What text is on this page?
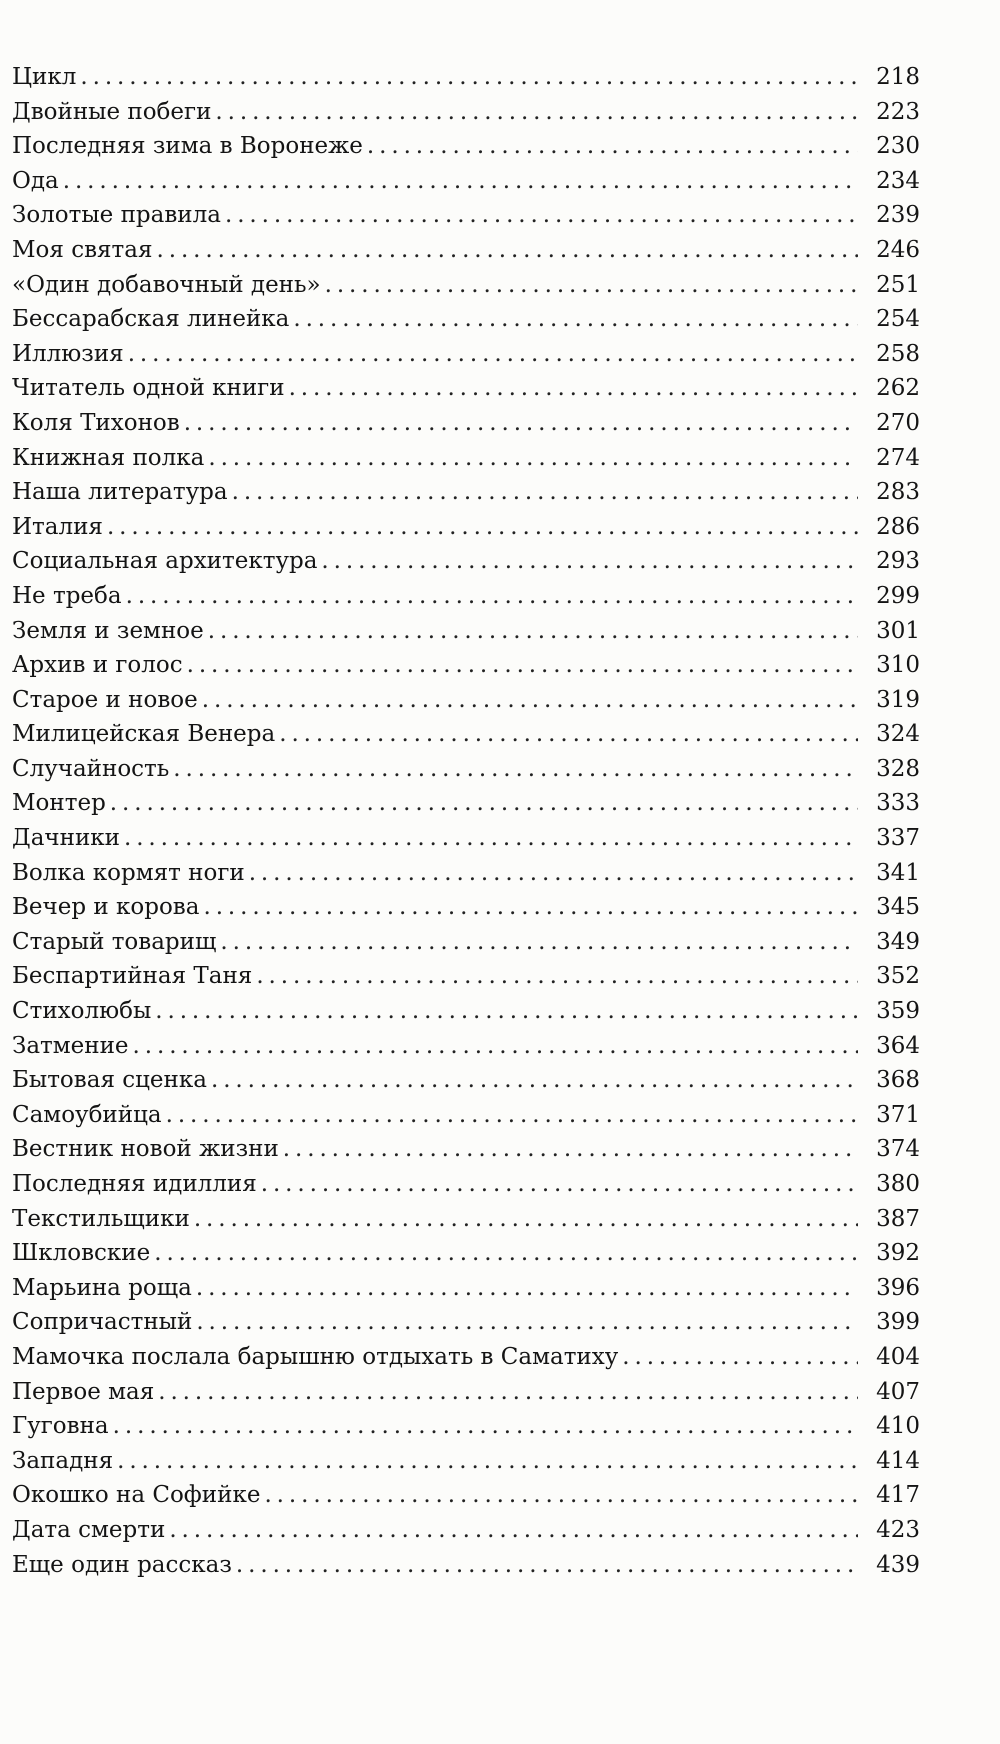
Цикл . . .	218
Двойные побеги . . .	223
Последняя зима в Воронеже . . .	230
Ода . . .	234
Золотые правила . . .	239
Моя святая . . .	246
«Один добавочный день» . . .	251
Бессарабская линейка . . .	254
Иллюзия . . .	258
Читатель одной книги . . .	262
Коля Тихонов . . .	270
Книжная полка . . .	274
Наша литература . . .	283
Италия . . .	286
Социальная архитектура . . .	293
Не треба . . .	299
Земля и земное . . .	301
Архив и голос . . .	310
Старое и новое . . .	319
Милицейская Венера . . .	324
Случайность . . .	328
Монтер . . .	333
Дачники . . .	337
Волка кормят ноги . . .	341
Вечер и корова . . .	345
Старый товарищ . . .	349
Беспартийная Таня . . .	352
Стихолюбы . . .	359
Затмение . . .	364
Бытовая сценка . . .	368
Самоубийца . . .	371
Вестник новой жизни . . .	374
Последняя идиллия . . .	380
Текстильщики . . .	387
Шкловские . . .	392
Марьина роща . . .	396
Сопричастный . . .	399
Мамочка послала барышню отдыхать в Саматиху . . .	404
Первое мая . . .	407
Гуговна . . .	410
Западня . . .	414
Окошко на Софийке . . .	417
Дата смерти . . .	423
Еще один рассказ . . .	439
